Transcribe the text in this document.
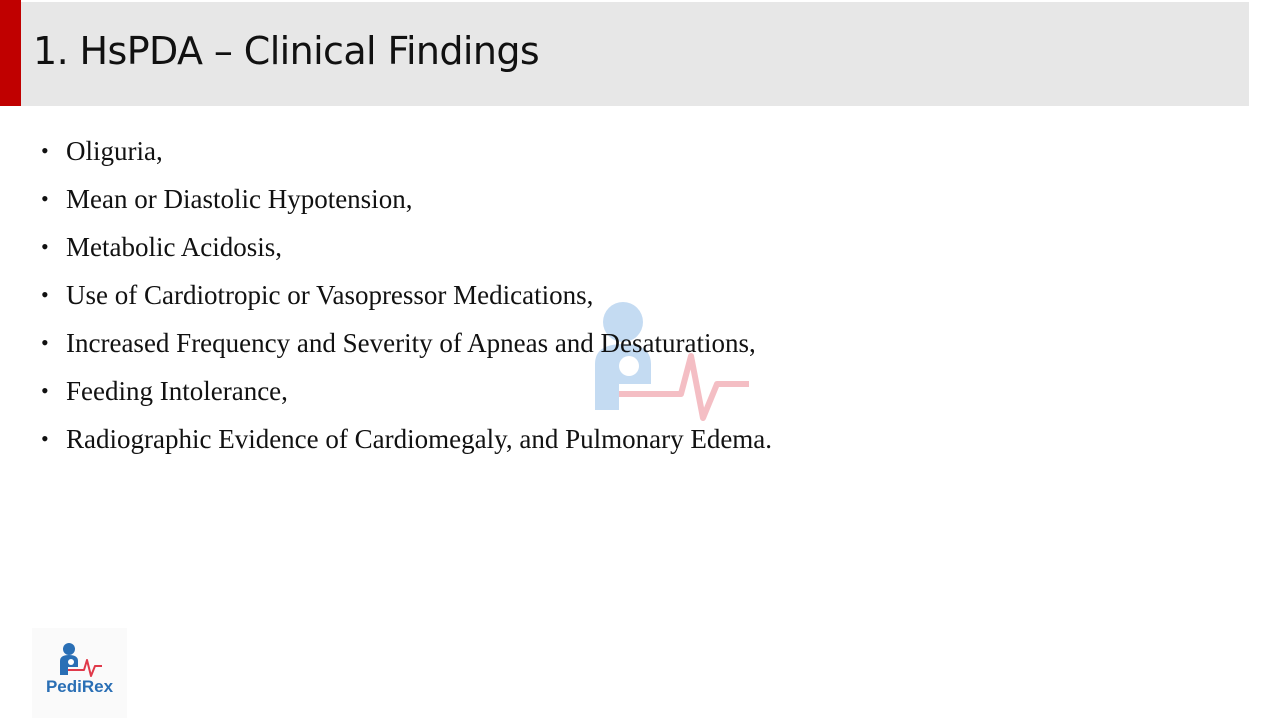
1. HsPDA – Clinical Findings
• Oliguria,
• Mean or Diastolic Hypotension,
• Metabolic Acidosis,
• Use of Cardiotropic or Vasopressor Medications,
• Increased Frequency and Severity of Apneas and Desaturations,
• Feeding Intolerance,
• Radiographic Evidence of Cardiomegaly, and Pulmonary Edema.
PediRex
